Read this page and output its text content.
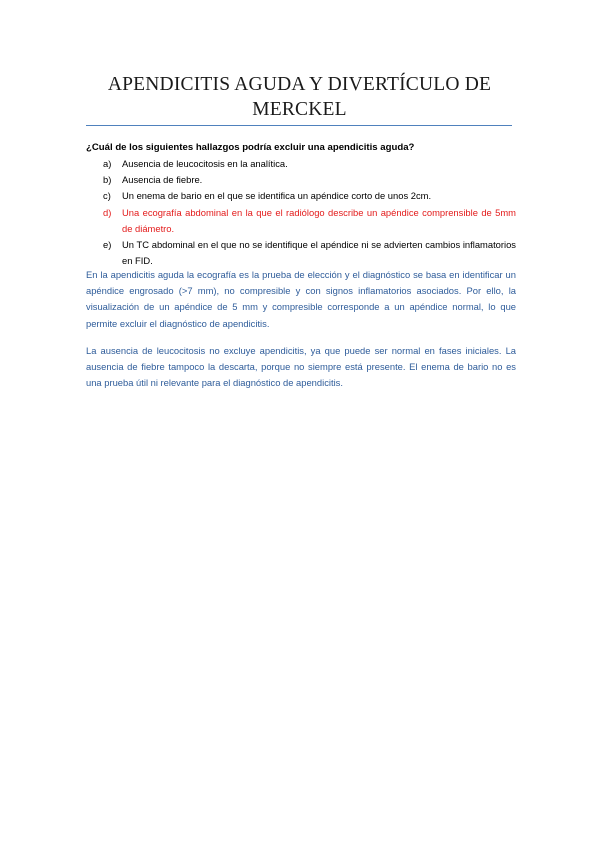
APENDICITIS AGUDA Y DIVERTÍCULO DE
MERCKEL
¿Cuál de los siguientes hallazgos podría excluir una apendicitis aguda?
a) Ausencia de leucocitosis en la analítica.
b) Ausencia de fiebre.
c) Un enema de bario en el que se identifica un apéndice corto de unos 2cm.
d) Una ecografía abdominal en la que el radiólogo describe un apéndice comprensible de 5mm de diámetro.
e) Un TC abdominal en el que no se identifique el apéndice ni se advierten cambios inflamatorios en FID.

En la apendicitis aguda la ecografía es la prueba de elección y el diagnóstico se basa en identificar un apéndice engrosado (>7 mm), no compresible y con signos inflamatorios asociados. Por ello, la visualización de un apéndice de 5 mm y compresible corresponde a un apéndice normal, lo que permite excluir el diagnóstico de apendicitis.

La ausencia de leucocitosis no excluye apendicitis, ya que puede ser normal en fases iniciales. La ausencia de fiebre tampoco la descarta, porque no siempre está presente. El enema de bario no es una prueba útil ni relevante para el diagnóstico de apendicitis.
